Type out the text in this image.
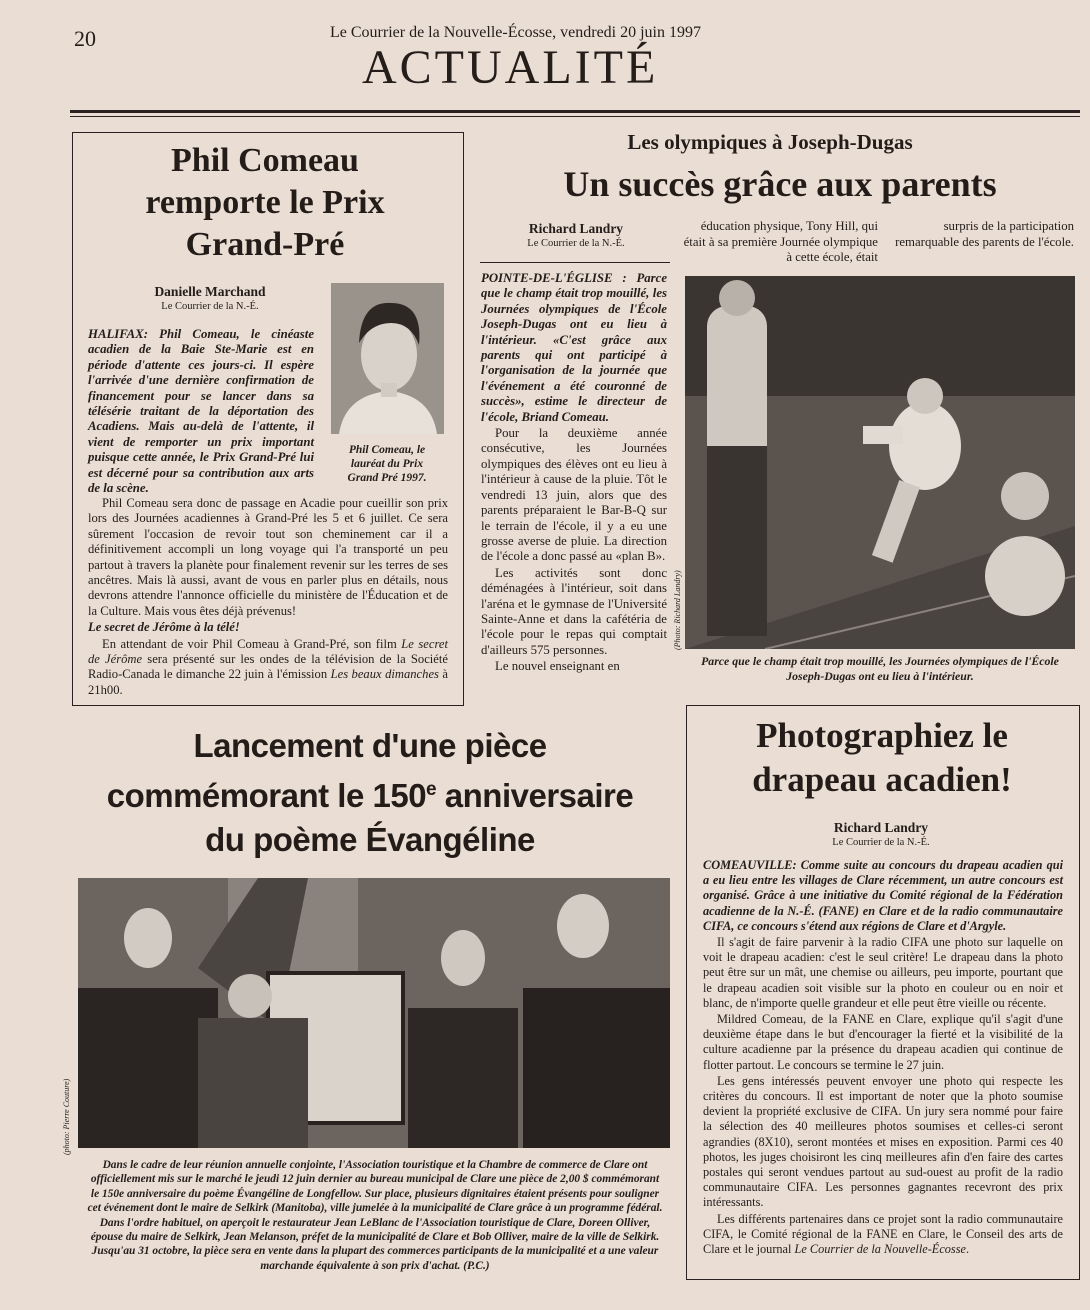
20	Le Courrier de la Nouvelle-Écosse, vendredi 20 juin 1997
ACTUALITÉ
Phil Comeau remporte le Prix Grand-Pré
Danielle Marchand
Le Courrier de la N.-É.
Phil Comeau, le lauréat du Prix Grand Pré 1997.
HALIFAX: Phil Comeau, le cinéaste acadien de la Baie Ste-Marie est en période d'attente ces jours-ci. Il espère l'arrivée d'une dernière confirmation de financement pour se lancer dans sa télésérie traitant de la déportation des Acadiens. Mais au-delà de l'attente, il vient de remporter un prix important puisque cette année, le Prix Grand-Pré lui est décerné pour sa contribution aux arts de la scène.

Phil Comeau sera donc de passage en Acadie pour cueillir son prix lors des Journées acadiennes à Grand-Pré les 5 et 6 juillet. Ce sera sûrement l'occasion de revoir tout son cheminement car il a définitivement accompli un long voyage qui l'a transporté un peu partout à travers la planète pour finalement revenir sur les terres de ses ancêtres. Mais là aussi, avant de vous en parler plus en détails, nous devrons attendre l'annonce officielle du ministère de l'Éducation et de la Culture. Mais vous êtes déjà prévenus!

Le secret de Jérôme à la télé!

En attendant de voir Phil Comeau à Grand-Pré, son film Le secret de Jérôme sera présenté sur les ondes de la télévision de la Société Radio-Canada le dimanche 22 juin à l'émission Les beaux dimanches à 21h00.

Les olympiques à Joseph-Dugas
Un succès grâce aux parents
Richard Landry
Le Courrier de la N.-É.
éducation physique, Tony Hill, qui était à sa première Journée olympique à cette école, était
surpris de la participation remarquable des parents de l'école.

POINTE-DE-L'ÉGLISE : Parce que le champ était trop mouillé, les Journées olympiques de l'École Joseph-Dugas ont eu lieu à l'intérieur. «C'est grâce aux parents qui ont participé à l'organisation de la journée que l'événement a été couronné de succès», estime le directeur de l'école, Briand Comeau.

Pour la deuxième année consécutive, les Journées olympiques des élèves ont eu lieu à l'intérieur à cause de la pluie. Tôt le vendredi 13 juin, alors que des parents préparaient le Bar-B-Q sur le terrain de l'école, il y a eu une grosse averse de pluie. La direction de l'école a donc passé au «plan B».

Les activités sont donc déménagées à l'intérieur, soit dans l'aréna et le gymnase de l'Université Sainte-Anne et dans la cafétéria de l'école pour le repas qui comptait d'ailleurs 575 personnes.

Le nouvel enseignant en

(Photo: Richard Landry)
Parce que le champ était trop mouillé, les Journées olympiques de l'École Joseph-Dugas ont eu lieu à l'intérieur.
Lancement d'une pièce
commémorant le 150e anniversaire
du poème Évangéline
(photo: Pierre Couture)
Dans le cadre de leur réunion annuelle conjointe, l'Association touristique et la Chambre de commerce de Clare ont officiellement mis sur le marché le jeudi 12 juin dernier au bureau municipal de Clare une pièce de 2,00 $ commémorant le 150e anniversaire du poème Évangéline de Longfellow. Sur place, plusieurs dignitaires étaient présents pour souligner cet événement dont le maire de Selkirk (Manitoba), ville jumelée à la municipalité de Clare grâce à un programme fédéral. Dans l'ordre habituel, on aperçoit le restaurateur Jean LeBlanc de l'Association touristique de Clare, Doreen Olliver, épouse du maire de Selkirk, Jean Melanson, préfet de la municipalité de Clare et Bob Olliver, maire de la ville de Selkirk. Jusqu'au 31 octobre, la pièce sera en vente dans la plupart des commerces participants de la municipalité et a une valeur marchande équivalente à son prix d'achat. (P.C.)
Photographiez le drapeau acadien!
Richard Landry
Le Courrier de la N.-É.

COMEAUVILLE: Comme suite au concours du drapeau acadien qui a eu lieu entre les villages de Clare récemment, un autre concours est organisé. Grâce à une initiative du Comité régional de la Fédération acadienne de la N.-É. (FANE) en Clare et de la radio communautaire CIFA, ce concours s'étend aux régions de Clare et d'Argyle.

Il s'agit de faire parvenir à la radio CIFA une photo sur laquelle on voit le drapeau acadien: c'est le seul critère! Le drapeau dans la photo peut être sur un mât, une chemise ou ailleurs, peu importe, pourtant que le drapeau acadien soit visible sur la photo en couleur ou en noir et blanc, de n'importe quelle grandeur et elle peut être vieille ou récente.

Mildred Comeau, de la FANE en Clare, explique qu'il s'agit d'une deuxième étape dans le but d'encourager la fierté et la visibilité de la culture acadienne par la présence du drapeau acadien qui continue de flotter partout. Le concours se termine le 27 juin.

Les gens intéressés peuvent envoyer une photo qui respecte les critères du concours. Il est important de noter que la photo soumise devient la propriété exclusive de CIFA. Un jury sera nommé pour faire la sélection des 40 meilleures photos soumises et celles-ci seront agrandies (8X10), seront montées et mises en exposition. Parmi ces 40 photos, les juges choisiront les cinq meilleures afin d'en faire des cartes postales qui seront vendues partout au sud-ouest au profit de la radio communautaire CIFA. Les personnes gagnantes recevront des prix intéressants.

Les différents partenaires dans ce projet sont la radio communautaire CIFA, le Comité régional de la FANE en Clare, le Conseil des arts de Clare et le journal Le Courrier de la Nouvelle-Écosse.
